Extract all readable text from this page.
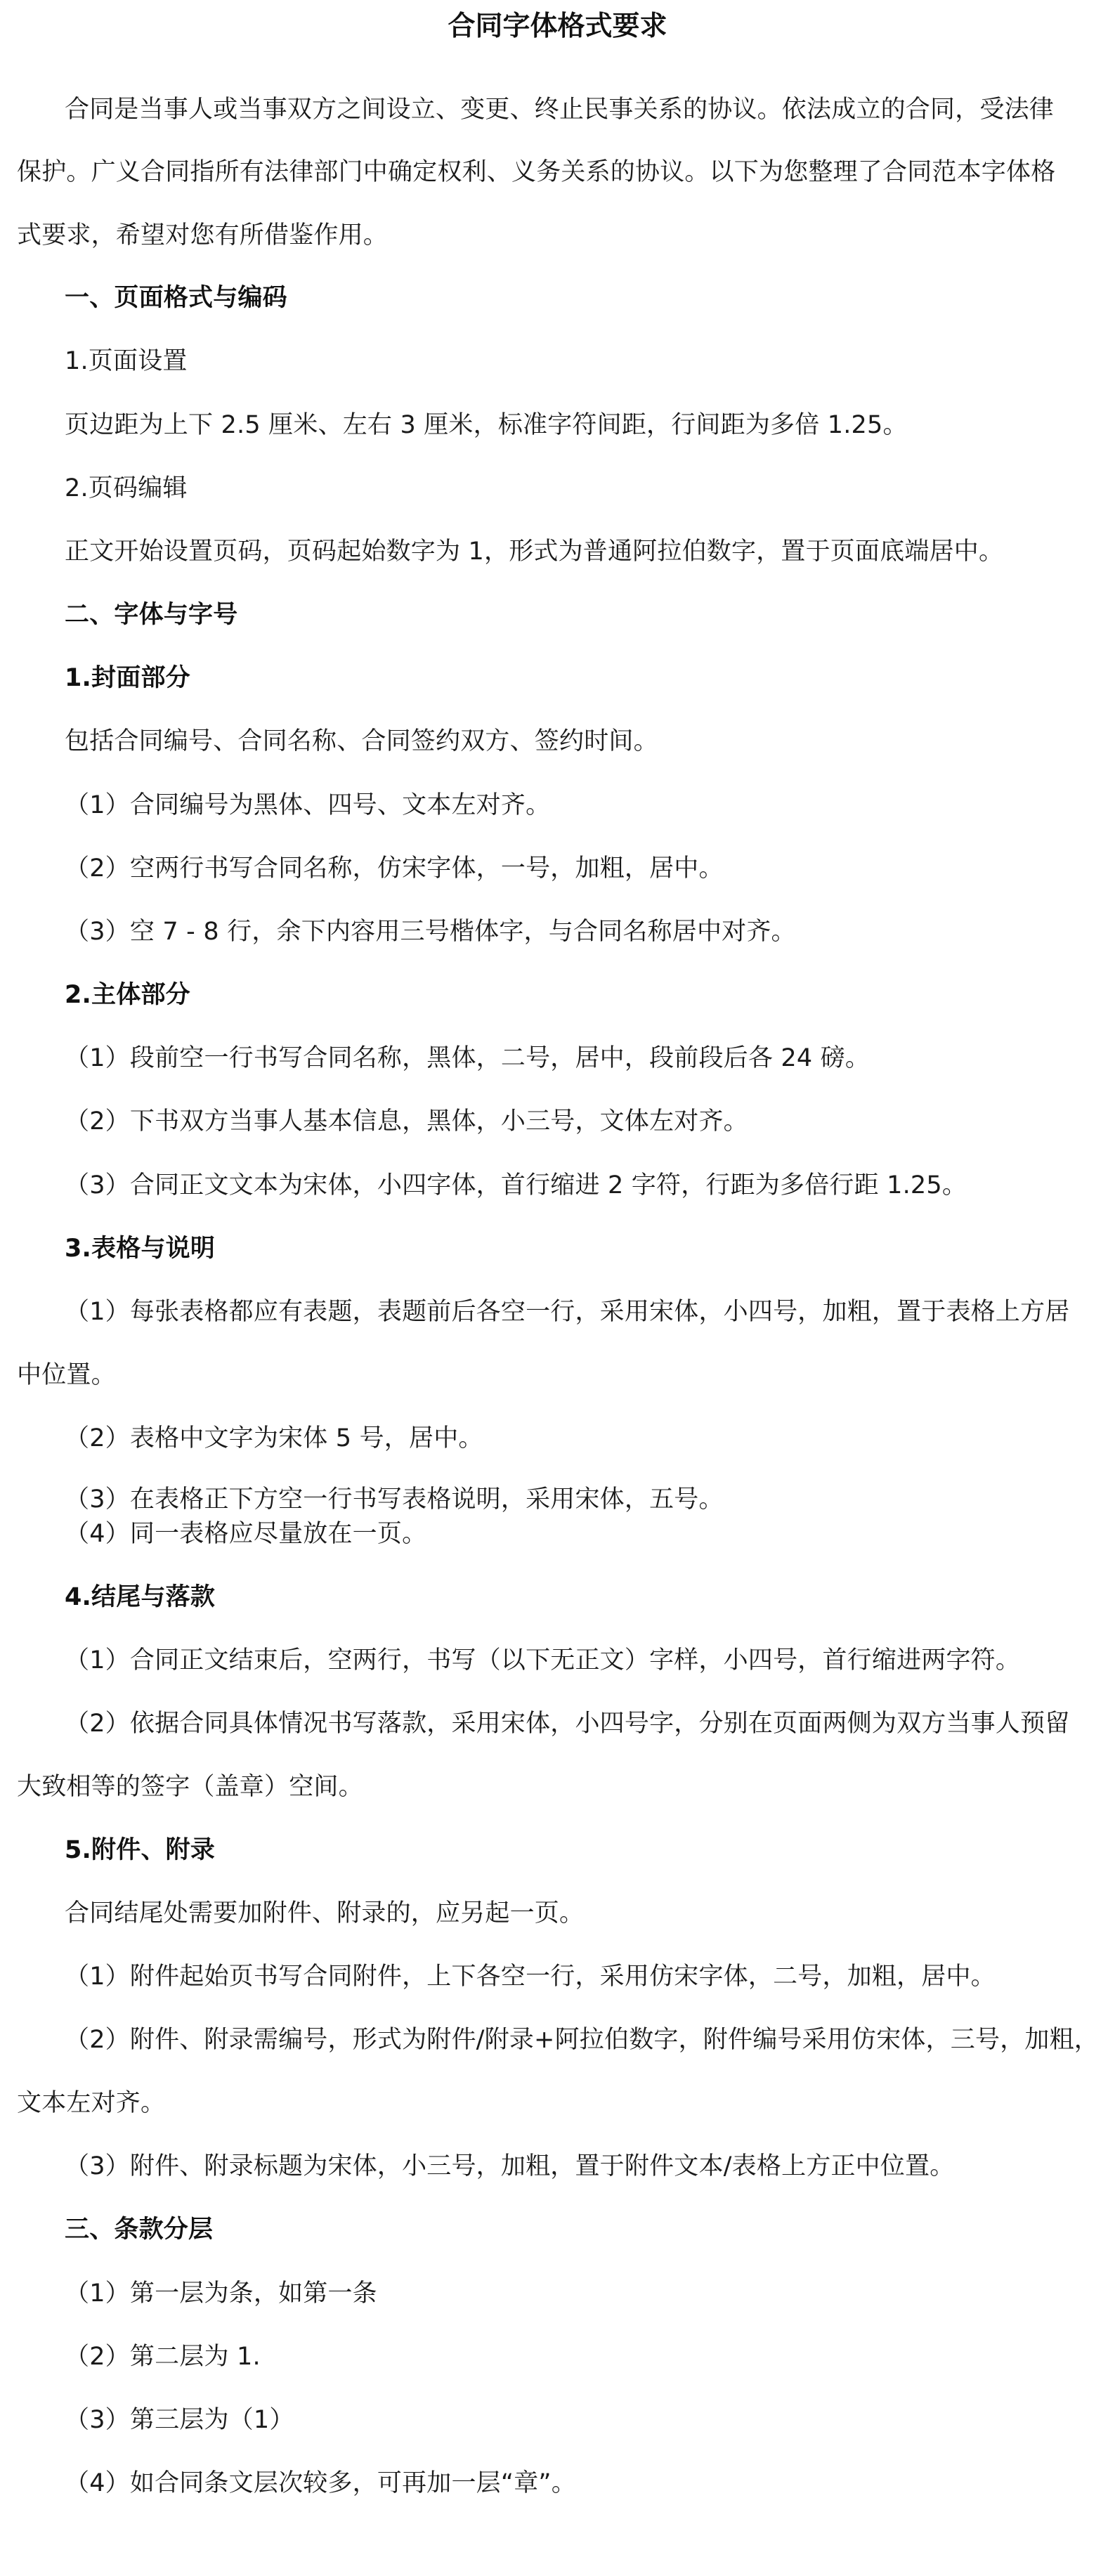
合同字体格式要求
合同是当事人或当事双方之间设立、变更、终止民事关系的协议。依法成立的合同，受法律
保护。广义合同指所有法律部门中确定权利、义务关系的协议。以下为您整理了合同范本字体格
式要求，希望对您有所借鉴作用。
一、页面格式与编码
1.页面设置
页边距为上下 2.5 厘米、左右 3 厘米，标准字符间距，行间距为多倍 1.25。
2.页码编辑
正文开始设置页码，页码起始数字为 1，形式为普通阿拉伯数字，置于页面底端居中。
二、字体与字号
1.封面部分
包括合同编号、合同名称、合同签约双方、签约时间。
（1）合同编号为黑体、四号、文本左对齐。
（2）空两行书写合同名称，仿宋字体，一号，加粗，居中。
（3）空 7 - 8 行，余下内容用三号楷体字，与合同名称居中对齐。
2.主体部分
（1）段前空一行书写合同名称，黑体，二号，居中，段前段后各 24 磅。
（2）下书双方当事人基本信息，黑体，小三号，文体左对齐。
（3）合同正文文本为宋体，小四字体，首行缩进 2 字符，行距为多倍行距 1.25。
3.表格与说明
（1）每张表格都应有表题，表题前后各空一行，采用宋体，小四号，加粗，置于表格上方居
中位置。
（2）表格中文字为宋体 5 号，居中。
（3）在表格正下方空一行书写表格说明，采用宋体，五号。
（4）同一表格应尽量放在一页。
4.结尾与落款
（1）合同正文结束后，空两行，书写（以下无正文）字样，小四号，首行缩进两字符。
（2）依据合同具体情况书写落款，采用宋体，小四号字，分别在页面两侧为双方当事人预留
大致相等的签字（盖章）空间。
5.附件、附录
合同结尾处需要加附件、附录的，应另起一页。
（1）附件起始页书写合同附件，上下各空一行，采用仿宋字体，二号，加粗，居中。
（2）附件、附录需编号，形式为附件/附录+阿拉伯数字，附件编号采用仿宋体，三号，加粗，
文本左对齐。
（3）附件、附录标题为宋体，小三号，加粗，置于附件文本/表格上方正中位置。
三、条款分层
（1）第一层为条，如第一条
（2）第二层为 1.
（3）第三层为（1）
（4）如合同条文层次较多，可再加一层“章”。
